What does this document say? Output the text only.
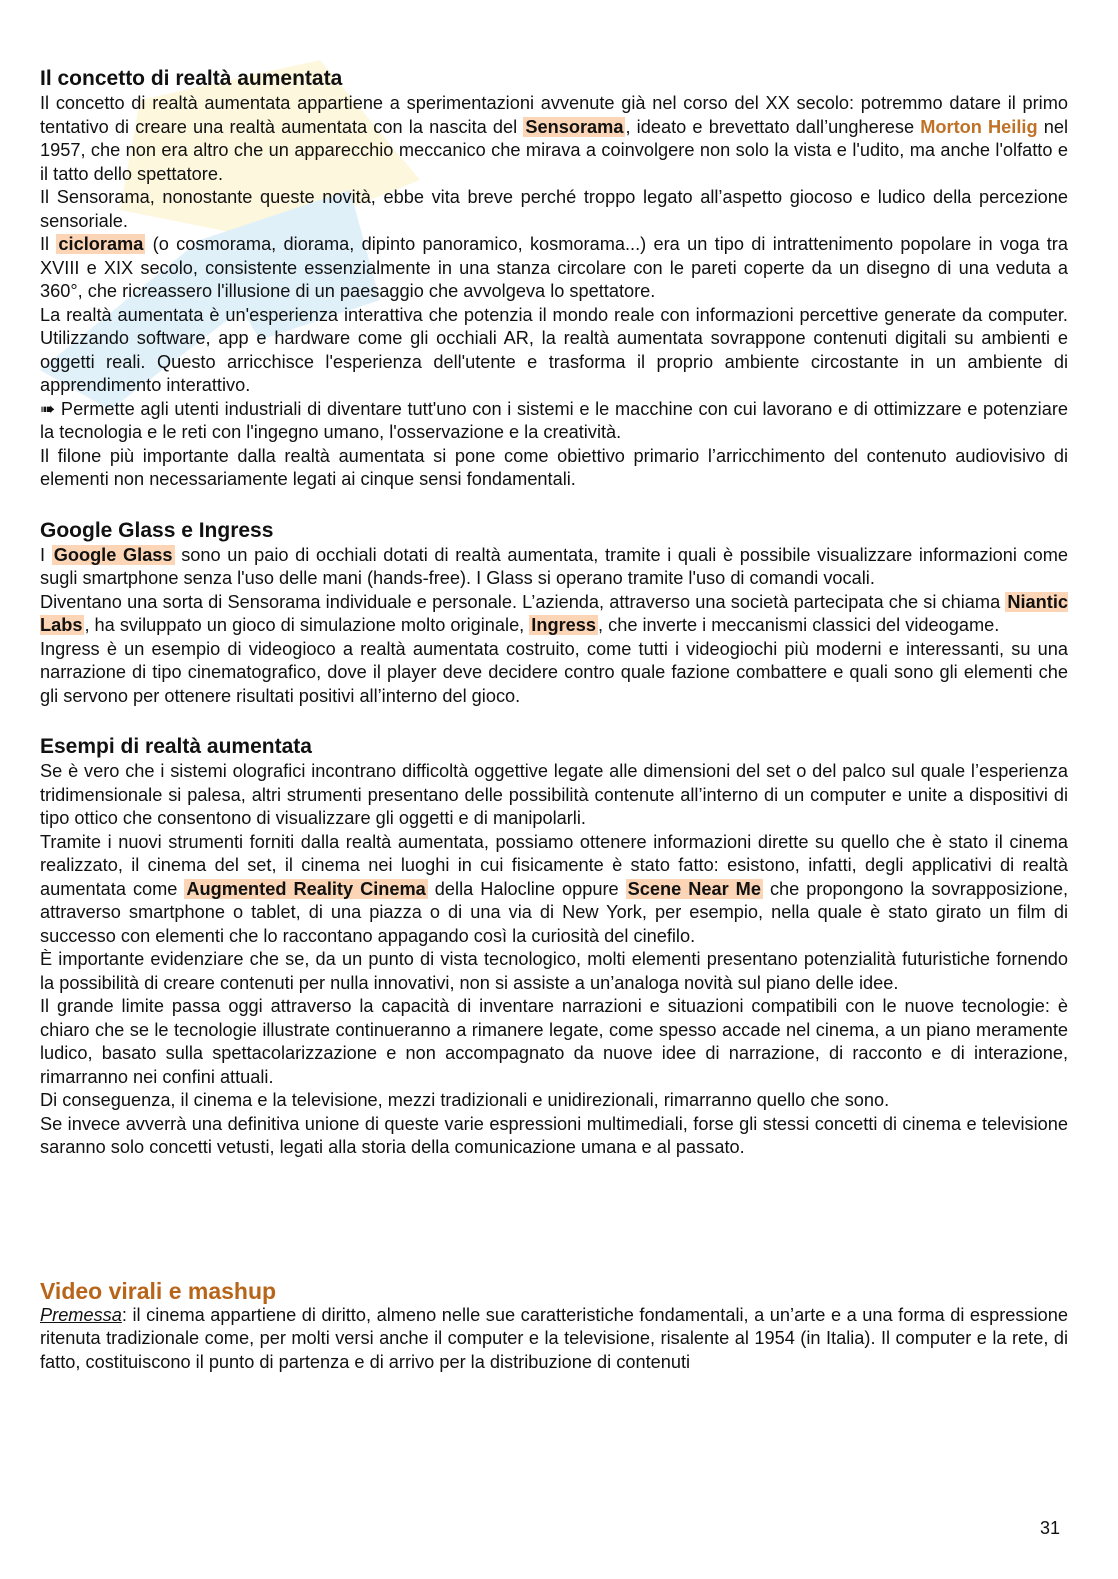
Il concetto di realtà aumentata

Il concetto di realtà aumentata appartiene a sperimentazioni avvenute già nel corso del XX secolo: potremmo datare il primo tentativo di creare una realtà aumentata con la nascita del Sensorama , ideato e brevettato dall’ungherese Morton Heilig nel 1957, che non era altro che un apparecchio meccanico che mirava a coinvolgere non solo la vista e l'udito, ma anche l'olfatto e il tatto dello spettatore.

Il Sensorama, nonostante queste novità, ebbe vita breve perché troppo legato all’aspetto giocoso e ludico della percezione sensoriale.

Il ciclorama (o cosmorama, diorama, dipinto panoramico, kosmorama...) era un tipo di intrattenimento popolare in voga tra XVIII e XIX secolo, consistente essenzialmente in una stanza circolare con le pareti coperte da un disegno di una veduta a 360°, che ricreassero l'illusione di un paesaggio che avvolgeva lo spettatore.

La realtà aumentata è un'esperienza interattiva che potenzia il mondo reale con informazioni percettive generate da computer. Utilizzando software, app e hardware come gli occhiali AR, la realtà aumentata sovrappone contenuti digitali su ambienti e oggetti reali. Questo arricchisce l'esperienza dell'utente e trasforma il proprio ambiente circostante in un ambiente di apprendimento interattivo.

➠ Permette agli utenti industriali di diventare tutt'uno con i sistemi e le macchine con cui lavorano e di ottimizzare e potenziare la tecnologia e le reti con l'ingegno umano, l'osservazione e la creatività.

Il filone più importante dalla realtà aumentata si pone come obiettivo primario l’arricchimento del contenuto audiovisivo di elementi non necessariamente legati ai cinque sensi fondamentali.

Google Glass e Ingress

I Google Glass sono un paio di occhiali dotati di realtà aumentata, tramite i quali è possibile visualizzare informazioni come sugli smartphone senza l'uso delle mani (hands-free). I Glass si operano tramite l'uso di comandi vocali.

Diventano una sorta di Sensorama individuale e personale. L’azienda, attraverso una società partecipata che si chiama Niantic Labs , ha sviluppato un gioco di simulazione molto originale, Ingress , che inverte i meccanismi classici del videogame.

Ingress è un esempio di videogioco a realtà aumentata costruito, come tutti i videogiochi più moderni e interessanti, su una narrazione di tipo cinematografico, dove il player deve decidere contro quale fazione combattere e quali sono gli elementi che gli servono per ottenere risultati positivi all’interno del gioco.

Esempi di realtà aumentata

Se è vero che i sistemi olografici incontrano difficoltà oggettive legate alle dimensioni del set o del palco sul quale l’esperienza tridimensionale si palesa, altri strumenti presentano delle possibilità contenute all’interno di un computer e unite a dispositivi di tipo ottico che consentono di visualizzare gli oggetti e di manipolarli.

Tramite i nuovi strumenti forniti dalla realtà aumentata, possiamo ottenere informazioni dirette su quello che è stato il cinema realizzato, il cinema del set, il cinema nei luoghi in cui fisicamente è stato fatto: esistono, infatti, degli applicativi di realtà aumentata come Augmented Reality Cinema della Halocline oppure Scene Near Me che propongono la sovrapposizione, attraverso smartphone o tablet, di una piazza o di una via di New York, per esempio, nella quale è stato girato un film di successo con elementi che lo raccontano appagando così la curiosità del cinefilo.

È importante evidenziare che se, da un punto di vista tecnologico, molti elementi presentano potenzialità futuristiche fornendo la possibilità di creare contenuti per nulla innovativi, non si assiste a un’analoga novità sul piano delle idee.

Il grande limite passa oggi attraverso la capacità di inventare narrazioni e situazioni compatibili con le nuove tecnologie: è chiaro che se le tecnologie illustrate continueranno a rimanere legate, come spesso accade nel cinema, a un piano meramente ludico, basato sulla spettacolarizzazione e non accompagnato da nuove idee di narrazione, di racconto e di interazione, rimarranno nei confini attuali.

Di conseguenza, il cinema e la televisione, mezzi tradizionali e unidirezionali, rimarranno quello che sono.

Se invece avverrà una definitiva unione di queste varie espressioni multimediali, forse gli stessi concetti di cinema e televisione saranno solo concetti vetusti, legati alla storia della comunicazione umana e al passato.

Video virali e mashup

Premessa: il cinema appartiene di diritto, almeno nelle sue caratteristiche fondamentali, a un’arte e a una forma di espressione ritenuta tradizionale come, per molti versi anche il computer e la televisione, risalente al 1954 (in Italia). Il computer e la rete, di fatto, costituiscono il punto di partenza e di arrivo per la distribuzione di contenuti

31
